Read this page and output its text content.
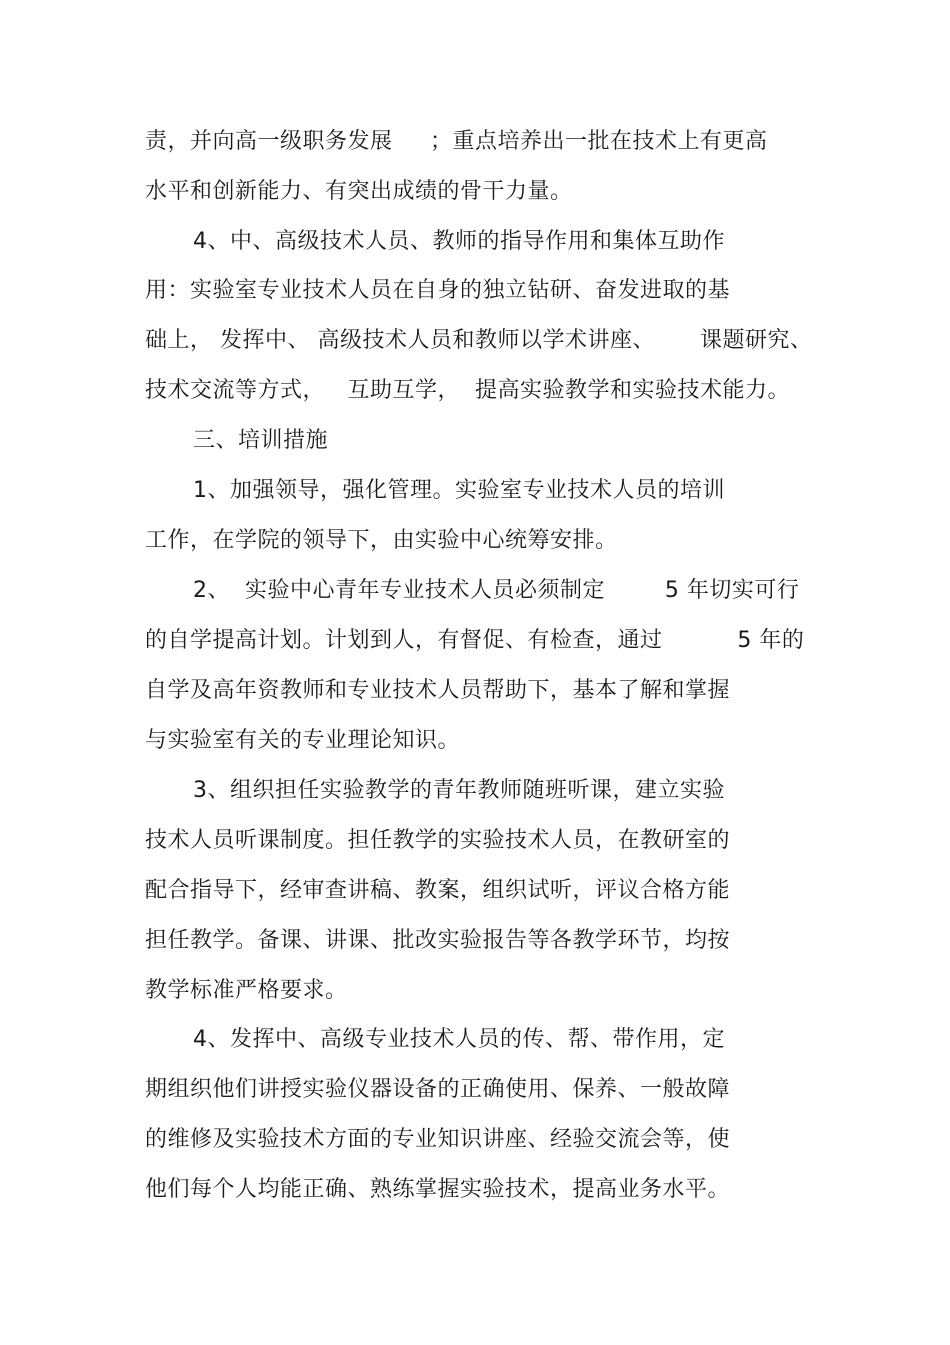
责，并向高一级职务发展     ；重点培养出一批在技术上有更高
水平和创新能力、有突出成绩的骨干力量。
4、中、高级技术人员、教师的指导作用和集体互助作
用：实验室专业技术人员在自身的独立钻研、奋发进取的基
础上， 发挥中、 高级技术人员和教师以学术讲座、      课题研究、
技术交流等方式，   互助互学，  提高实验教学和实验技术能力。
三、培训措施
1、加强领导，强化管理。实验室专业技术人员的培训
工作，在学院的领导下，由实验中心统筹安排。
2、  实验中心青年专业技术人员必须制定        5 年切实可行
的自学提高计划。计划到人，有督促、有检查，通过          5 年的
自学及高年资教师和专业技术人员帮助下，基本了解和掌握
与实验室有关的专业理论知识。
3、组织担任实验教学的青年教师随班听课，建立实验
技术人员听课制度。担任教学的实验技术人员，在教研室的
配合指导下，经审查讲稿、教案，组织试听，评议合格方能
担任教学。备课、讲课、批改实验报告等各教学环节，均按
教学标准严格要求。
4、发挥中、高级专业技术人员的传、帮、带作用，定
期组织他们讲授实验仪器设备的正确使用、保养、一般故障
的维修及实验技术方面的专业知识讲座、经验交流会等，使
他们每个人均能正确、熟练掌握实验技术，提高业务水平。
